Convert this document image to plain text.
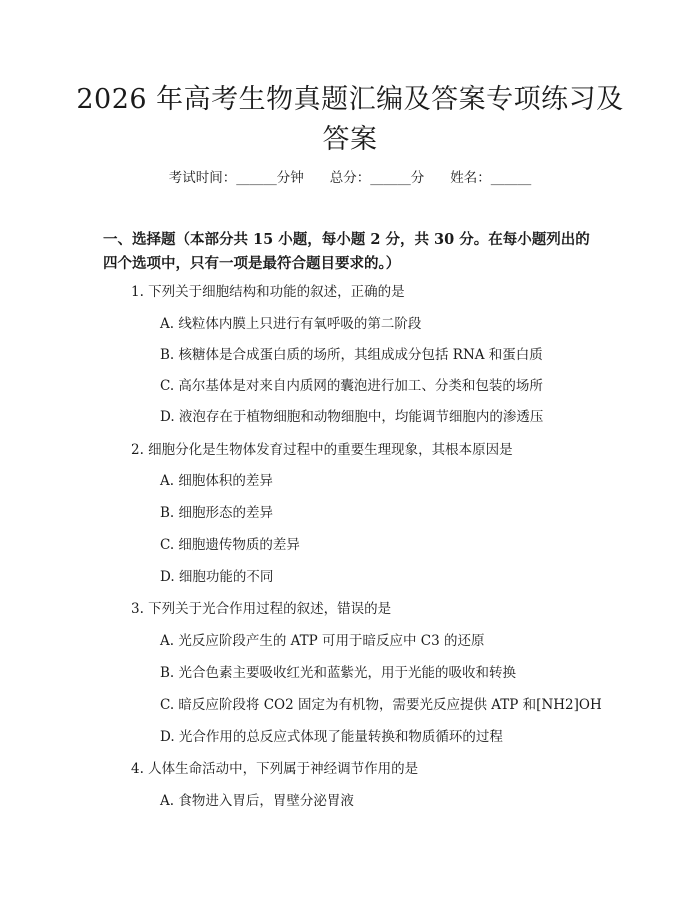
2026 年高考生物真题汇编及答案专项练习及答案
考试时间：______分钟 总分：______分 姓名：______

一、选择题（本部分共 15 小题，每小题 2 分，共 30 分。在每小题列出的四个选项中，只有一项是最符合题目要求的。）

1. 下列关于细胞结构和功能的叙述，正确的是
A. 线粒体内膜上只进行有氧呼吸的第二阶段
B. 核糖体是合成蛋白质的场所，其组成成分包括 RNA 和蛋白质
C. 高尔基体是对来自内质网的囊泡进行加工、分类和包装的场所
D. 液泡存在于植物细胞和动物细胞中，均能调节细胞内的渗透压
2. 细胞分化是生物体发育过程中的重要生理现象，其根本原因是
A. 细胞体积的差异
B. 细胞形态的差异
C. 细胞遗传物质的差异
D. 细胞功能的不同
3. 下列关于光合作用过程的叙述，错误的是
A. 光反应阶段产生的 ATP 可用于暗反应中 C3 的还原
B. 光合色素主要吸收红光和蓝紫光，用于光能的吸收和转换
C. 暗反应阶段将 CO2 固定为有机物，需要光反应提供 ATP 和[NH2]OH
D. 光合作用的总反应式体现了能量转换和物质循环的过程
4. 人体生命活动中，下列属于神经调节作用的是
A. 食物进入胃后，胃壁分泌胃液
